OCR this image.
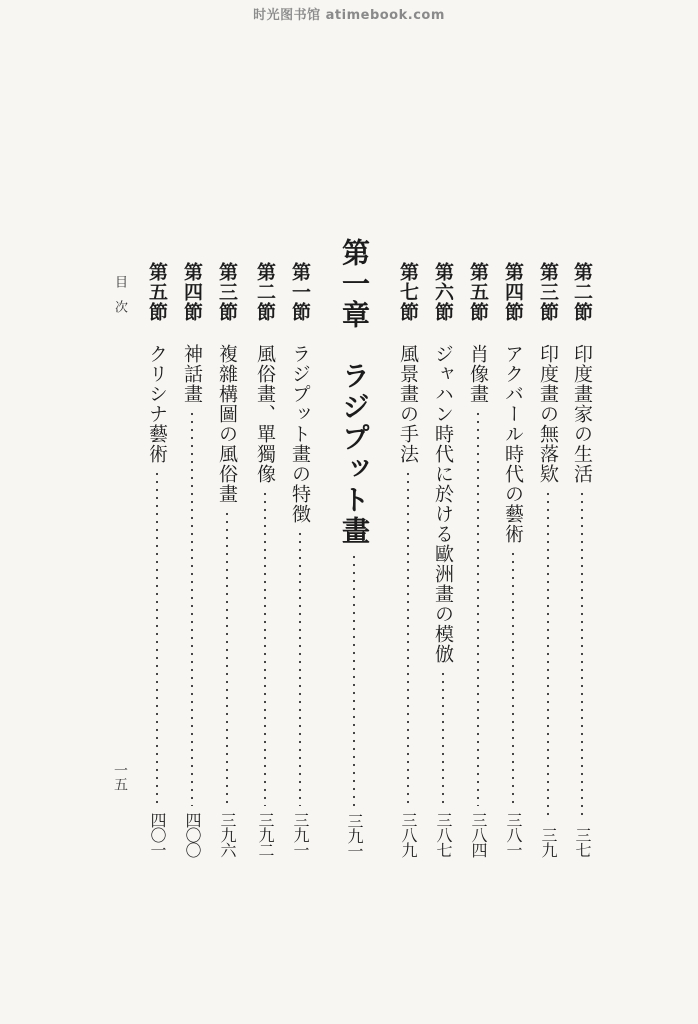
时光图书馆 atimebook.com
第二節
印度畫家の生活
三七
第三節
印度畫の無落欵
三九
第四節
アクバール時代の藝術
三八一
第五節
肖像畫
三八四
第六節
ジャハン時代に於ける歐洲畫の模倣
三八七
第七節
風景畫の手法
三八九
第一章
ラジプット畫
三九一
第一節
ラジプット畫の特徴
三九一
第二節
風俗畫、單獨像
三九二
第三節
複雜構圖の風俗畫
三九六
第四節
神話畫
四〇〇
第五節
クリシナ藝術
四〇一
目次
一五
